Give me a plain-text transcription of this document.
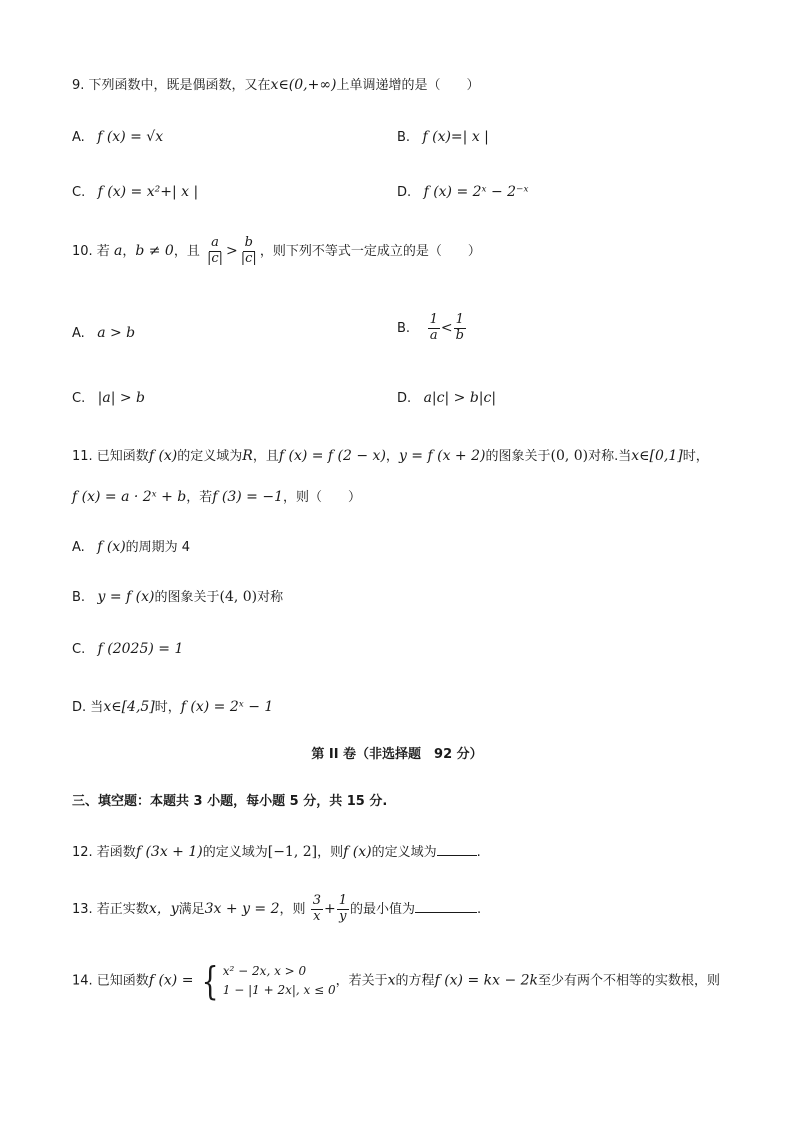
9. 下列函数中，既是偶函数，又在x∈(0,+∞)上单调递增的是（　　）
A. f (x) = √x	B. f (x)=| x |
C. f (x) = x²+| x |	D. f (x) = 2ˣ − 2⁻ˣ
10. 若 a，b ≠ 0，且 $\frac{a}{|c|} > \frac{b}{|c|}$ ，则下列不等式一定成立的是（　　）
A. a > b	B. $\frac{1}{a} < \frac{1}{b}$
C. |a| > b	D. a|c| > b|c|
11. 已知函数f (x)的定义域为R，且f (x) = f (2 − x)，y = f (x + 2)的图象关于(0, 0)对称.当x∈[0,1]时，
f (x) = a · 2ˣ + b，若f (3) = −1，则（　　）
A. f (x)的周期为 4
B. y = f (x)的图象关于(4, 0)对称
C. f (2025) = 1
D. 当x∈[4,5]时，f (x) = 2ˣ − 1
第 II 卷（非选择题　92 分）
三、填空题：本题共 3 小题，每小题 5 分，共 15 分.
12. 若函数f (3x + 1)的定义域为[−1, 2]，则f (x)的定义域为	.
13. 若正实数x，y满足3x + y = 2，则 $\frac{3}{x} + \frac{1}{y}$ 的最小值为	.
14. 已知函数f (x) = { x² − 2x, x > 0
1 − |1 + 2x|, x ≤ 0
，若关于x的方程f (x) = kx − 2k至少有两个不相等的实数根，则
